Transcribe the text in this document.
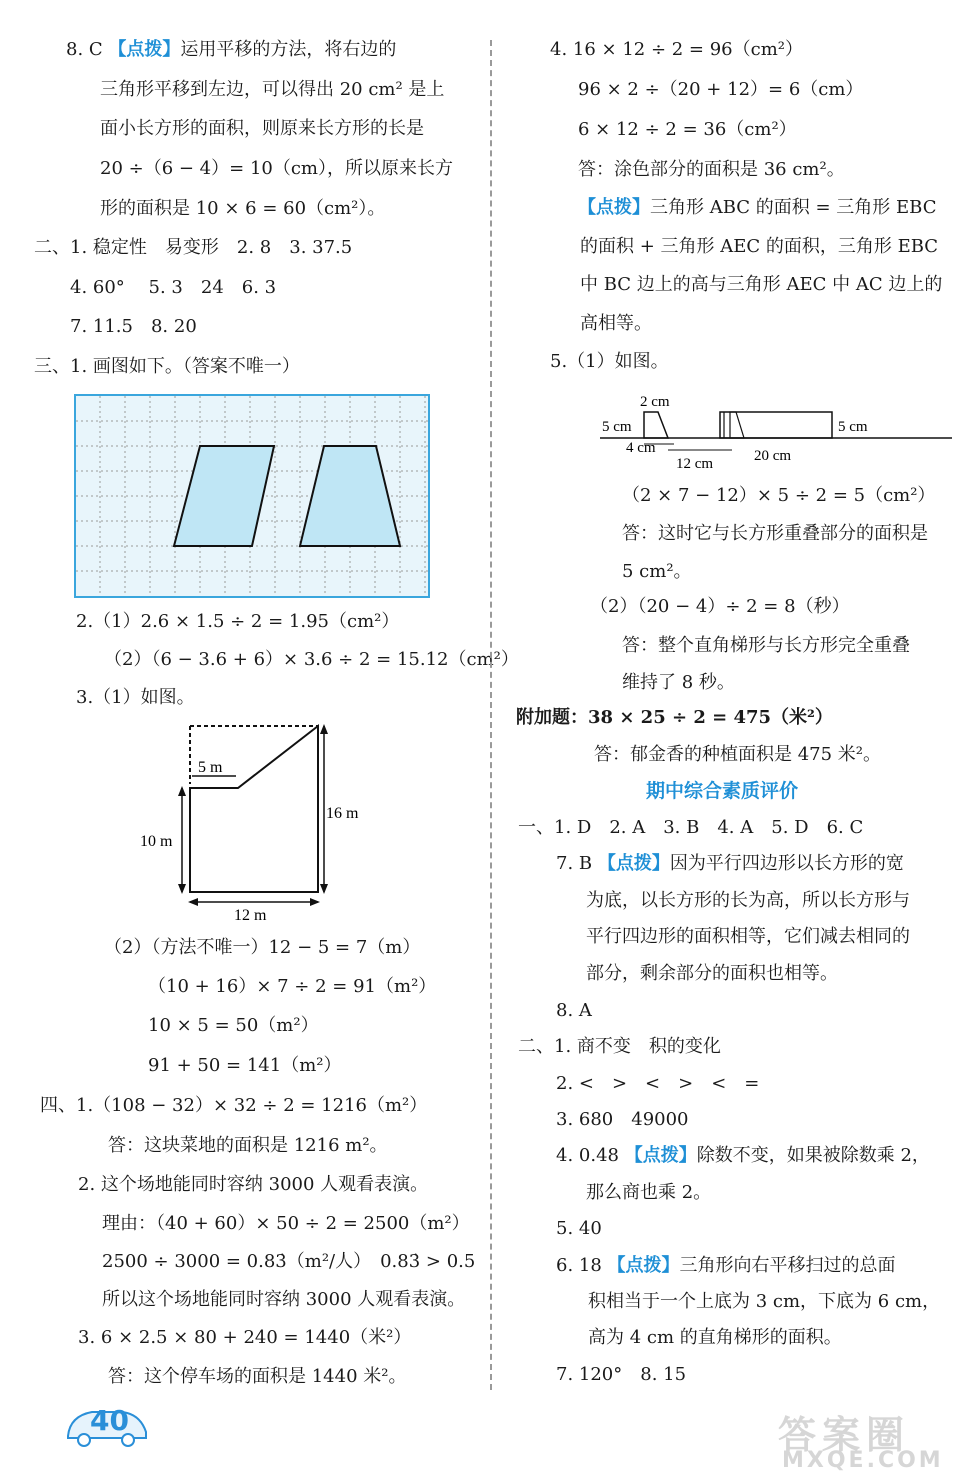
8. C 【点拨】运用平移的方法，将右边的
三角形平移到左边，可以得出 20 cm² 是上
面小长方形的面积，则原来长方形的长是
20 ÷（6 − 4）= 10（cm），所以原来长方
形的面积是 10 × 6 = 60（cm²）。
二、1. 稳定性　易变形　2. 8　3. 37.5
4. 60°　 5. 3　24　6. 3
7. 11.5　8. 20
三、1. 画图如下。（答案不唯一）
2.（1）2.6 × 1.5 ÷ 2 = 1.95（cm²）
（2）（6 − 3.6 + 6）× 3.6 ÷ 2 = 15.12（cm²）
3.（1）如图。
5 m
16 m
10 m
12 m
（2）（方法不唯一）12 − 5 = 7（m）
（10 + 16）× 7 ÷ 2 = 91（m²）
10 × 5 = 50（m²）
91 + 50 = 141（m²）
四、1.（108 − 32）× 32 ÷ 2 = 1216（m²）
答：这块菜地的面积是 1216 m²。
2. 这个场地能同时容纳 3000 人观看表演。
理由：（40 + 60）× 50 ÷ 2 = 2500（m²）
2500 ÷ 3000 = 0.83̇（m²/人）　0.83̇ > 0.5
所以这个场地能同时容纳 3000 人观看表演。
3. 6 × 2.5 × 80 + 240 = 1440（米²）
答：这个停车场的面积是 1440 米²。
4. 16 × 12 ÷ 2 = 96（cm²）
96 × 2 ÷（20 + 12）= 6（cm）
6 × 12 ÷ 2 = 36（cm²）
答：涂色部分的面积是 36 cm²。
【点拨】三角形 ABC 的面积 = 三角形 EBC
的面积 + 三角形 AEC 的面积，三角形 EBC
中 BC 边上的高与三角形 AEC 中 AC 边上的
高相等。
5.（1）如图。
2 cm
5 cm
4 cm
12 cm	20 cm
5 cm
（2 × 7 − 12）× 5 ÷ 2 = 5（cm²）
答：这时它与长方形重叠部分的面积是
5 cm²。
（2）（20 − 4）÷ 2 = 8（秒）
答：整个直角梯形与长方形完全重叠
维持了 8 秒。
附加题：38 × 25 ÷ 2 = 475（米²）
答：郁金香的种植面积是 475 米²。
期中综合素质评价
一、1. D　2. A　3. B　4. A　5. D　6. C
7. B 【点拨】因为平行四边形以长方形的宽
为底，以长方形的长为高，所以长方形与
平行四边形的面积相等，它们减去相同的
部分，剩余部分的面积也相等。
8. A
二、1. 商不变　积的变化
2. <　>　<　>　<　=
3. 680　49000
4. 0.48 【点拨】除数不变，如果被除数乘 2，
那么商也乘 2。
5. 40
6. 18 【点拨】三角形向右平移扫过的总面
积相当于一个上底为 3 cm，下底为 6 cm，
高为 4 cm 的直角梯形的面积。
7. 120°　8. 15
40	答案圈
MXQE.COM
